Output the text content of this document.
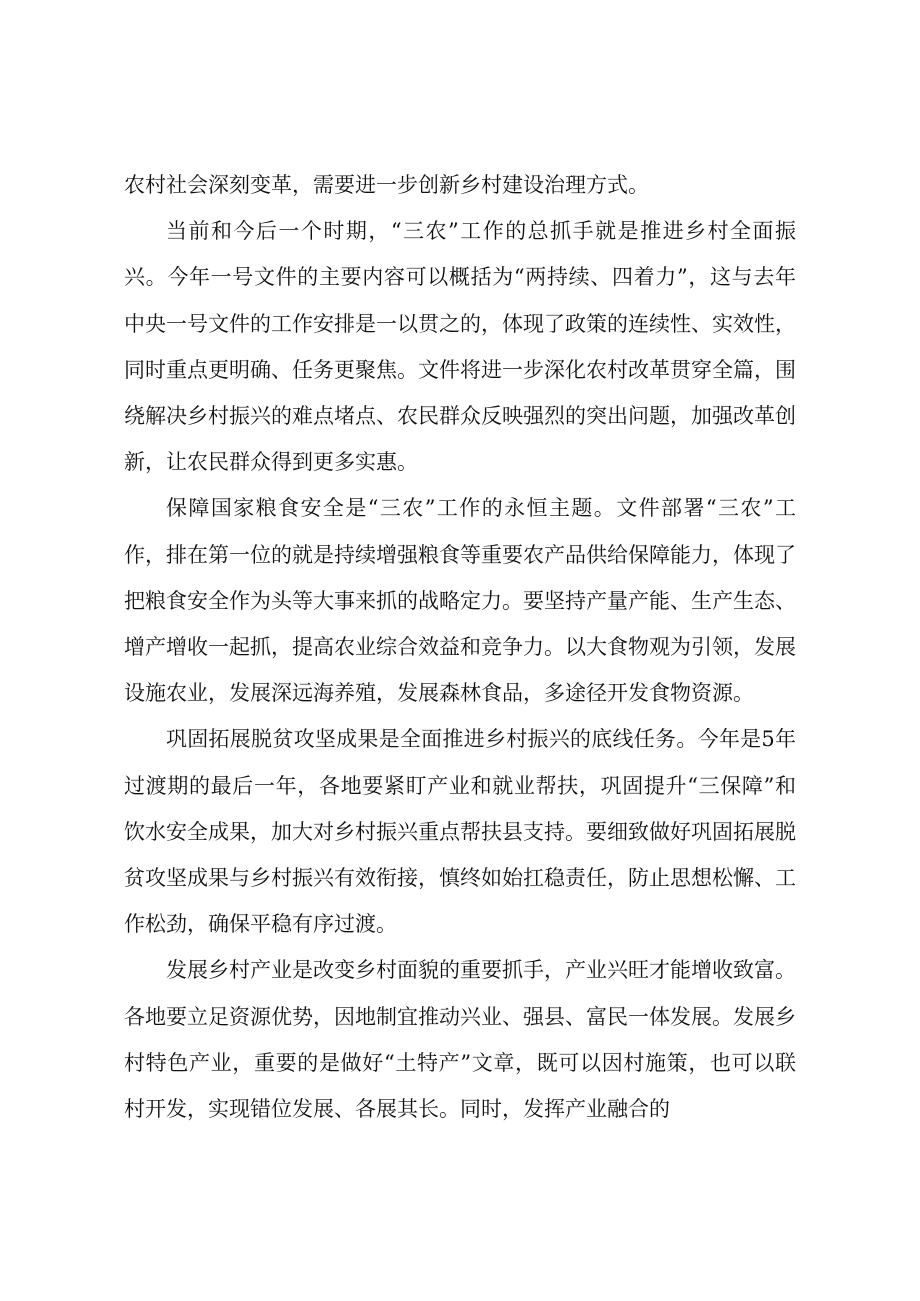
农村社会深刻变革，需要进一步创新乡村建设治理方式。

当前和今后一个时期，“三农”工作的总抓手就是推进乡村全面振兴。今年一号文件的主要内容可以概括为“两持续、四着力”，这与去年中央一号文件的工作安排是一以贯之的，体现了政策的连续性、实效性，同时重点更明确、任务更聚焦。文件将进一步深化农村改革贯穿全篇，围绕解决乡村振兴的难点堵点、农民群众反映强烈的突出问题，加强改革创新，让农民群众得到更多实惠。

保障国家粮食安全是“三农”工作的永恒主题。文件部署“三农”工作，排在第一位的就是持续增强粮食等重要农产品供给保障能力，体现了把粮食安全作为头等大事来抓的战略定力。要坚持产量产能、生产生态、增产增收一起抓，提高农业综合效益和竞争力。以大食物观为引领，发展设施农业，发展深远海养殖，发展森林食品，多途径开发食物资源。

巩固拓展脱贫攻坚成果是全面推进乡村振兴的底线任务。今年是5年过渡期的最后一年，各地要紧盯产业和就业帮扶，巩固提升“三保障”和饮水安全成果，加大对乡村振兴重点帮扶县支持。要细致做好巩固拓展脱贫攻坚成果与乡村振兴有效衔接，慎终如始扛稳责任，防止思想松懈、工作松劲，确保平稳有序过渡。

发展乡村产业是改变乡村面貌的重要抓手，产业兴旺才能增收致富。各地要立足资源优势，因地制宜推动兴业、强县、富民一体发展。发展乡村特色产业，重要的是做好“土特产”文章，既可以因村施策，也可以联村开发，实现错位发展、各展其长。同时，发挥产业融合的
